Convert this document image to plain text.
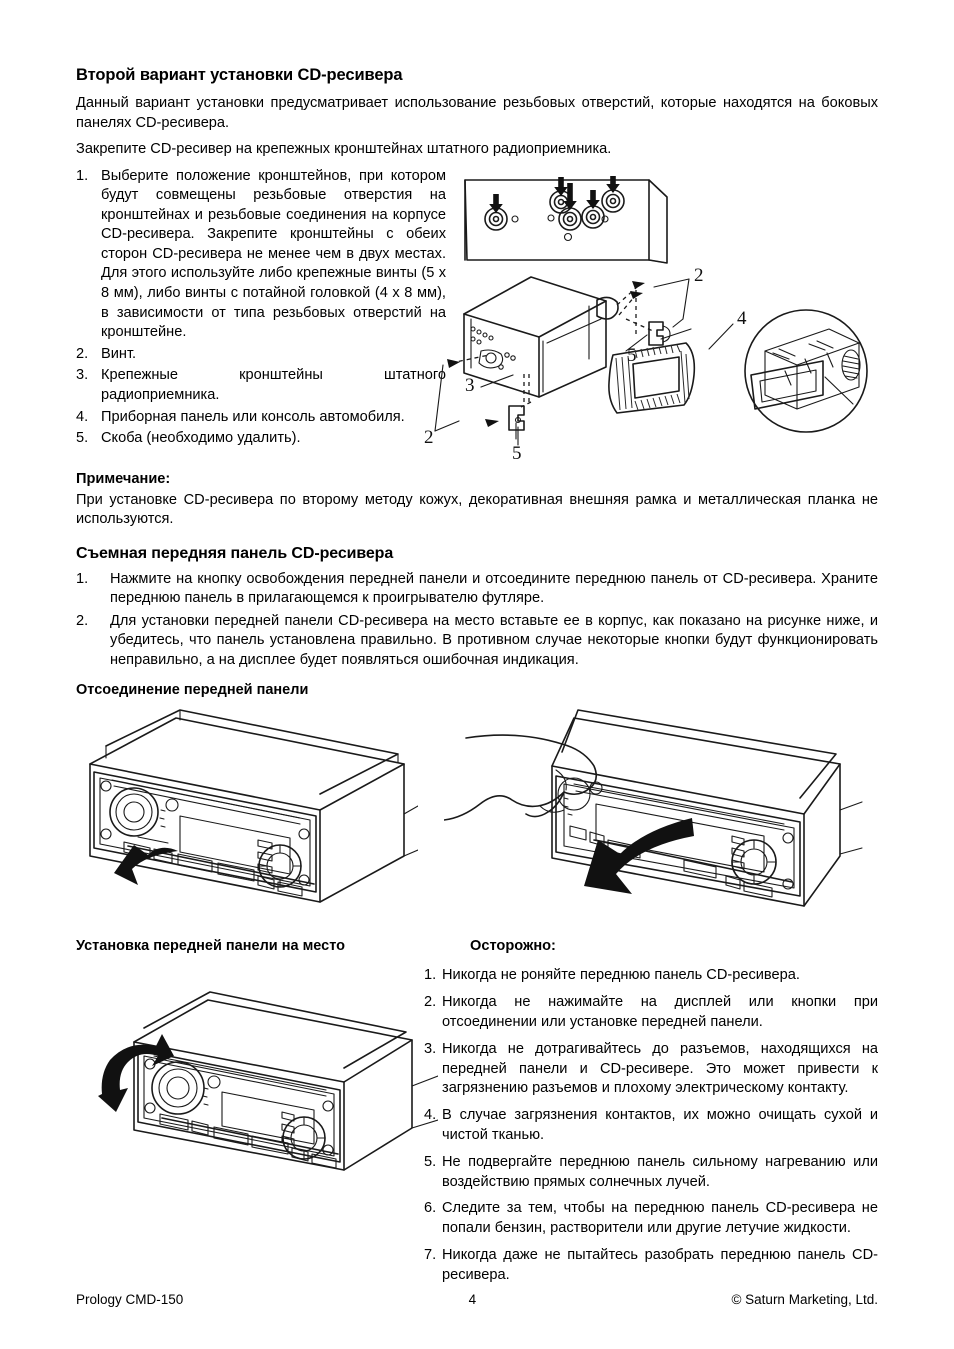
Второй вариант установки CD-ресивера

Данный вариант установки предусматривает использование резьбовых отверстий, которые находятся на боковых панелях CD-ресивера.

Закрепите CD-ресивер на крепежных кронштейнах штатного радиоприемника.

1. Выберите положение кронштейнов, при котором будут совмещены резьбовые отверстия на кронштейнах и резьбовые соединения на корпусе CD-ресивера. Закрепите кронштейны с обеих сторон CD-ресивера не менее чем в двух местах. Для этого используйте либо крепежные винты (5 x 8 мм), либо винты с потайной головкой (4 x 8 мм), в зависимости от типа резьбовых отверстий на кронштейне.
2. Винт.
3. Крепежные кронштейны штатного радиоприемника.
4. Приборная панель или консоль автомобиля.
5. Скоба (необходимо удалить).
2
2
3
4
5
5
Примечание:

При установке CD-ресивера по второму методу кожух, декоративная внешняя рамка и металлическая планка не используются.

Съемная передняя панель CD-ресивера
1. Нажмите на кнопку освобождения передней панели и отсоедините переднюю панель от CD-ресивера. Храните переднюю панель в прилагающемся к проигрывателю футляре.
2. Для установки передней панели CD-ресивера на место вставьте ее в корпус, как показано на рисунке ниже, и убедитесь, что панель установлена правильно. В противном случае некоторые кнопки будут функционировать неправильно, а на дисплее будет появляться ошибочная индикация.
Отсоединение передней панели
Установка передней панели на место	Осторожно:
1. Никогда не роняйте переднюю панель CD-ресивера.
2. Никогда не нажимайте на дисплей или кнопки при отсоединении или установке передней панели.
3. Никогда не дотрагивайтесь до разъемов, находящихся на передней панели и CD-ресивере. Это может привести к загрязнению разъемов и плохому электрическому контакту.
4. В случае загрязнения контактов, их можно очищать сухой и чистой тканью.
5. Не подвергайте переднюю панель сильному нагреванию или воздействию прямых солнечных лучей.
6. Следите за тем, чтобы на переднюю панель CD-ресивера не попали бензин, растворители или другие летучие жидкости.
7. Никогда даже не пытайтесь разобрать переднюю панель CD-ресивера.
Prology CMD-150	4	© Saturn Marketing, Ltd.
